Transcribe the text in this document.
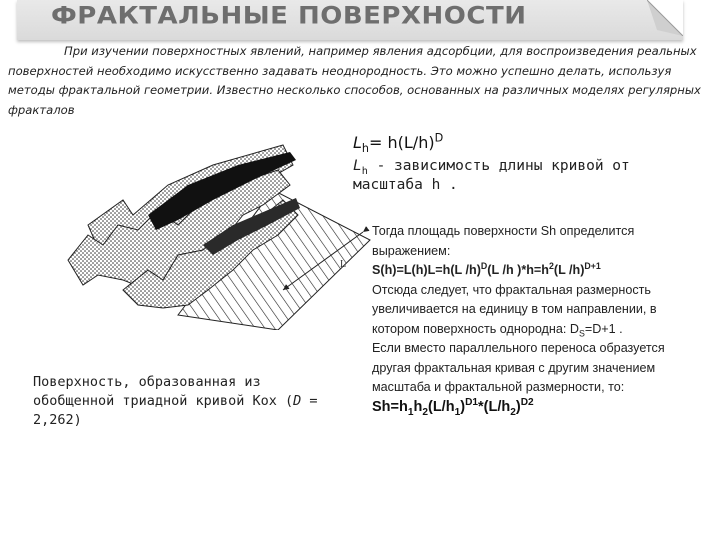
ФРАКТАЛЬНЫЕ ПОВЕРХНОСТИ

При изучении поверхностных явлений, например явления адсорбции, для воспроизведения реальных поверхностей необходимо искусственно задавать неоднородность. Это можно успешно делать, используя методы фрактальной геометрии. Известно несколько способов, основанных на различных моделях регулярных фракталов

L
$L_h= h(L/h)^D$

$L_h$ - зависимость длины кривой от масштаба h .

Поверхность, образованная из обобщенной триадной кривой Кох (D = 2,262)

Тогда площадь поверхности Sh определится выражением:

S(h)=L(h)L=h(L /h)$^D$(L /h )$*h=h^2(L$ /h)$^{D+1}$

Отсюда следует, что фрактальная размерность увеличивается на единицу в том направлении, в котором поверхность однородна: $D_S=D+1$ .

Если вместо параллельного переноса образуется другая фрактальная кривая с другим значением масштаба и фрактальной размерности, то:

$Sh=h_1h_2(L/h_1)^{D1}*(L/h_2)^{D2}$
